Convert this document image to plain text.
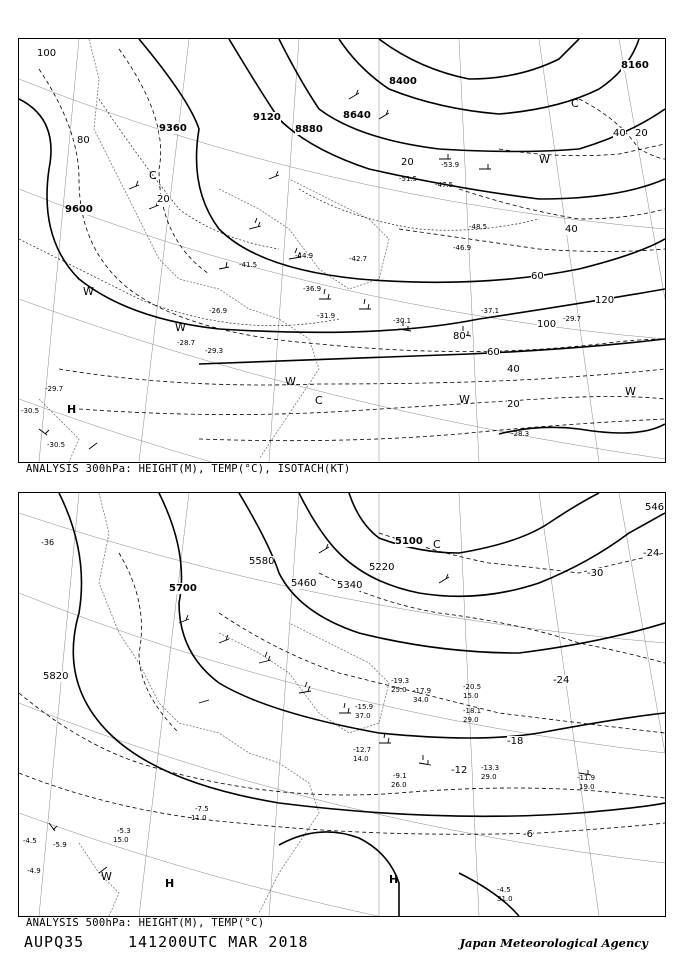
9600
9360
9120
8880
8640
8400
8160
100
80
20
20
40
60
80
100
120
60
40
40 20
20
H
W
W
W
C	W
W
C
W
C
-29.7
-30.5
-30.5
-29.3
-28.7
-26.9
-31.9
-30.1
-37.1
-29.7
-28.3
-42.7
-44.9
-46.9
-48.5
-53.9
-51.5
-47.5
-36.9
-41.5
ANALYSIS 300hPa: HEIGHT(M), TEMP(°C), ISOTACH(KT)
5820
5700
5580
5460 5340
5220
5100
546
-6
-12
-18
-24
-30
-24
-36
H	H
W
C
-4.5 -5.9
-4.9
-7.5
11.0
-5.3
15.0
-9.1
26.0
-13.3
29.0	-11.9
19.0
-4.5
31.0
-12.7
14.0
-17.9
34.0
-20.5
15.0
-18.1
29.0
-19.3
25.0
-15.9
37.0
ANALYSIS 500hPa: HEIGHT(M), TEMP(°C)
AUPQ35	141200UTC MAR 2018	Japan Meteorological Agency
